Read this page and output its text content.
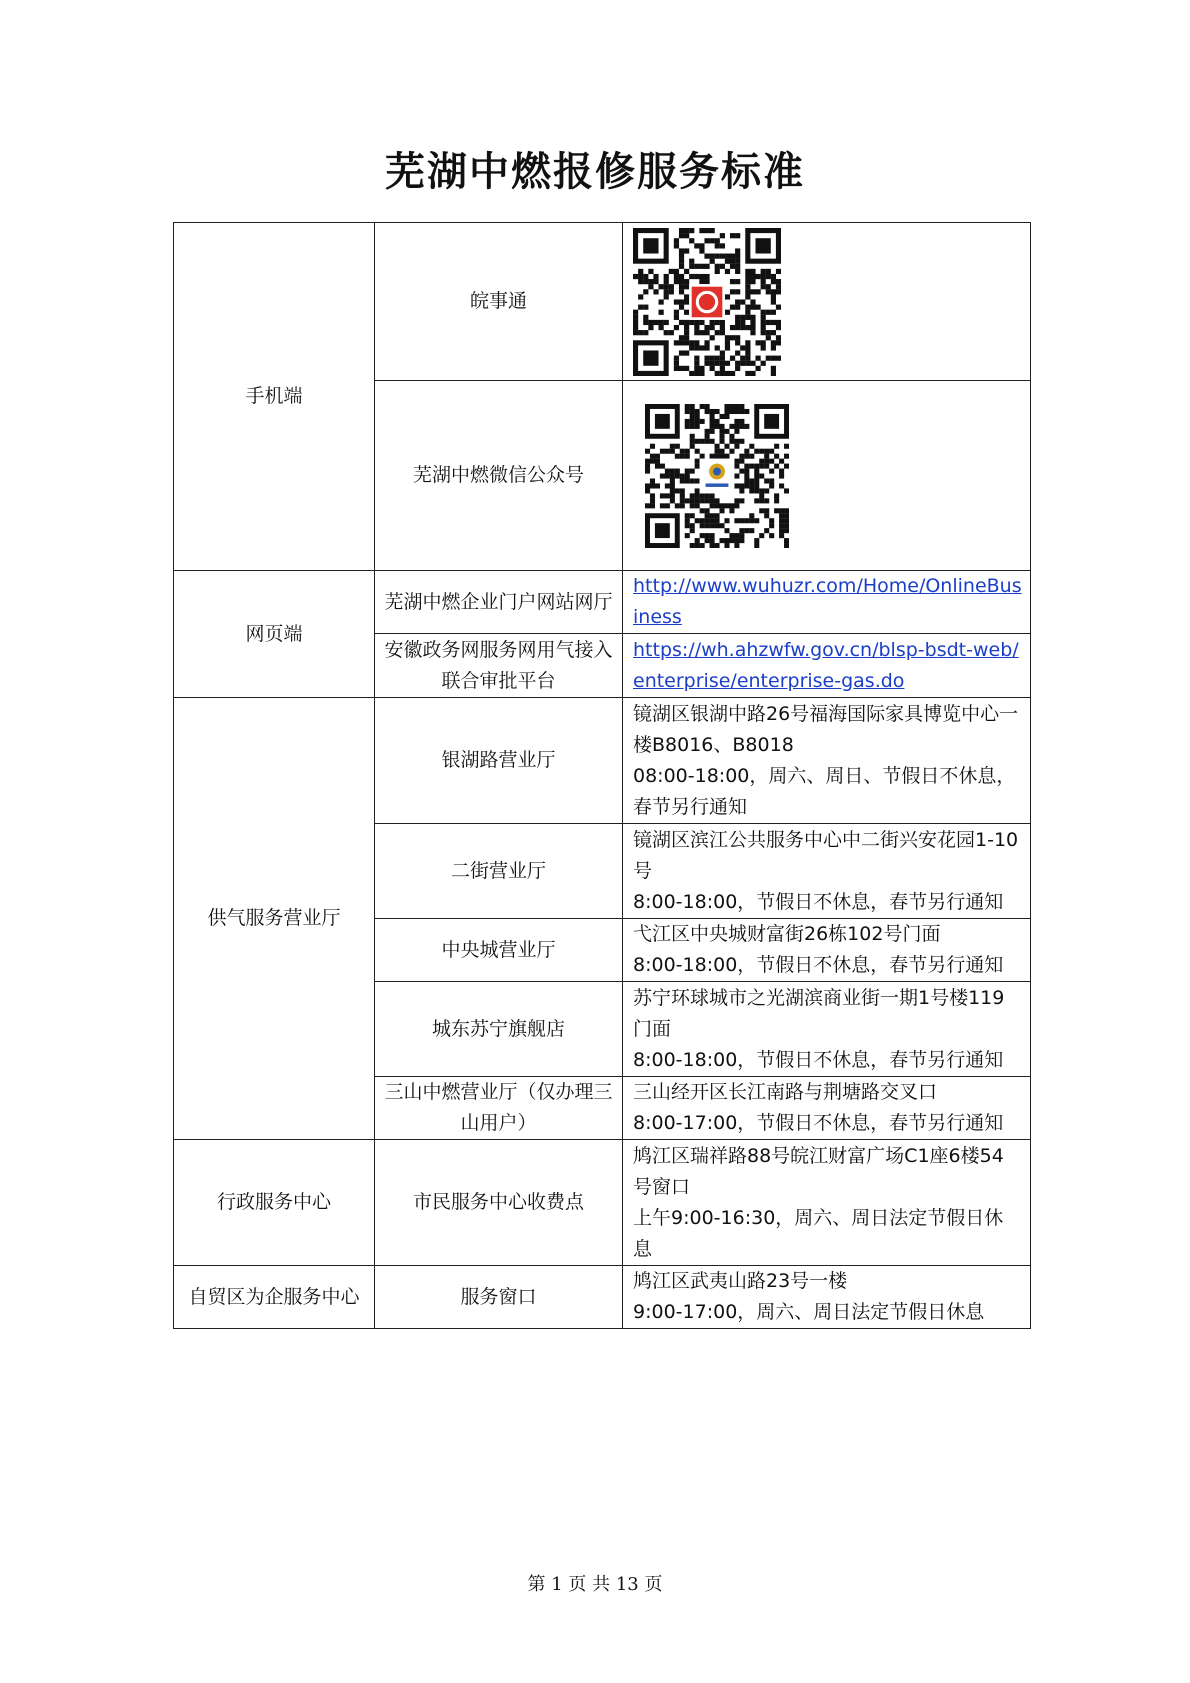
芜湖中燃报修服务标准
手机端	皖事通	

	芜湖中燃微信公众号	

网页端	芜湖中燃企业门户网站网厅	http://www.wuhuzr.com/Home/OnlineBusiness

	安徽政务网服务网用气接入联合审批平台	https://wh.ahzwfw.gov.cn/blsp-bsdt-web/enterprise/enterprise-gas.do

供气服务营业厅	银湖路营业厅	镜湖区银湖中路26号福海国际家具博览中心一楼B8016、B8018
08:00-18:00，周六、周日、节假日不休息，春节另行通知

	二街营业厅	镜湖区滨江公共服务中心中二街兴安花园1-10号
8:00-18:00，节假日不休息，春节另行通知

	中央城营业厅	弋江区中央城财富街26栋102号门面
8:00-18:00，节假日不休息，春节另行通知

	城东苏宁旗舰店	苏宁环球城市之光湖滨商业街一期1号楼119门面
8:00-18:00，节假日不休息，春节另行通知

	三山中燃营业厅（仅办理三山用户）	三山经开区长江南路与荆塘路交叉口
8:00-17:00，节假日不休息，春节另行通知

行政服务中心	市民服务中心收费点	鸠江区瑞祥路88号皖江财富广场C1座6楼54号窗口
上午9:00-16:30，周六、周日法定节假日休息

自贸区为企服务中心	服务窗口	鸠江区武夷山路23号一楼
9:00-17:00，周六、周日法定节假日休息
第 1 页 共 13 页
